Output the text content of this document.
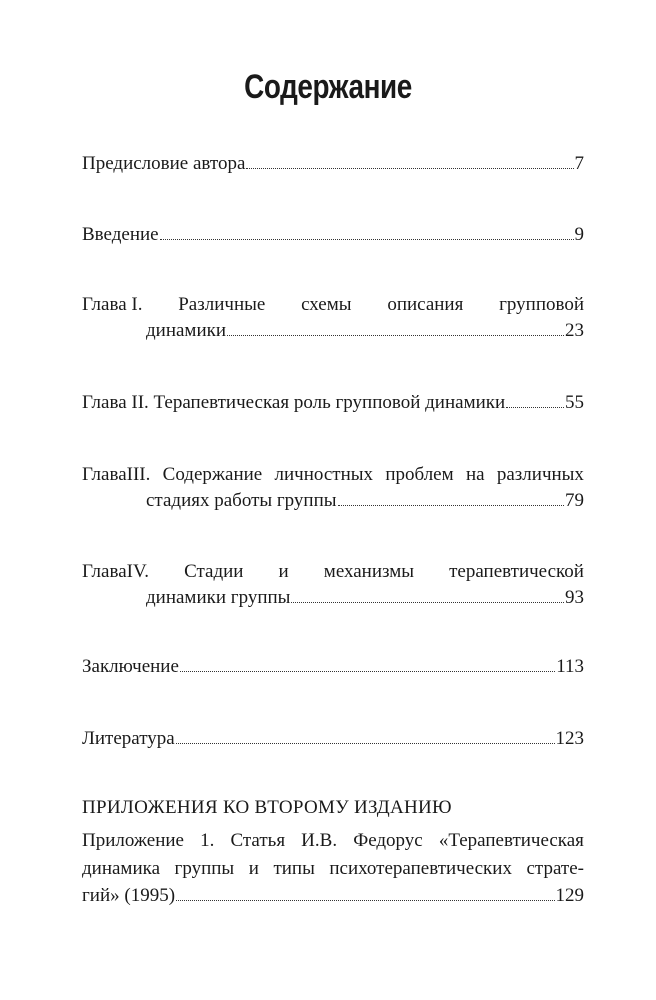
Содержание
Предисловие автора	7
Введение	9
Глава I. Различные схемы описания групповой
динамики	23
Глава II. Терапевтическая роль групповой динамики	55
ГлаваIII. Содержание личностных проблем на различных
стадиях работы группы	79
ГлаваIV. Стадии и механизмы терапевтической
динамики группы	93
Заключение	113
Литература	123
ПРИЛОЖЕНИЯ КО ВТОРОМУ ИЗДАНИЮ
Приложение 1. Статья И.В. Федорус «Терапевтическая
динамика группы и типы психотерапевтических страте-
гий» (1995)	129
